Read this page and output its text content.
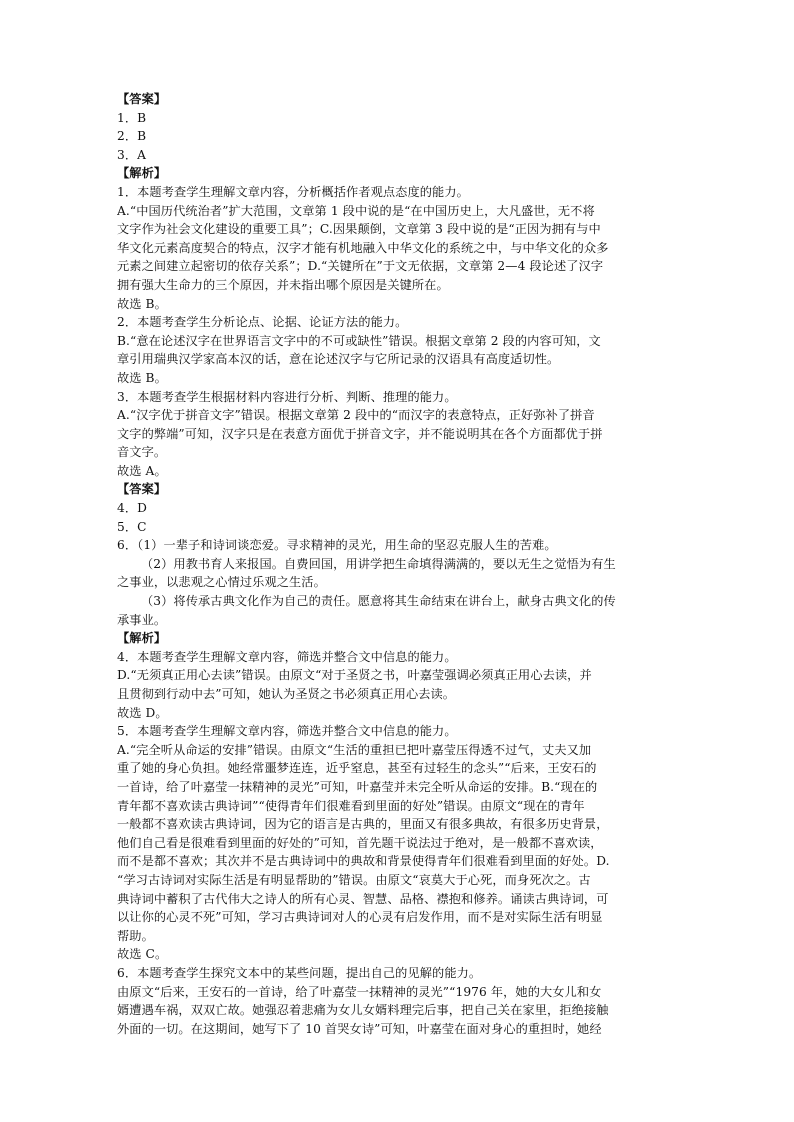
【答案】
1．B
2．B
3．A
【解析】
1．本题考查学生理解文章内容，分析概括作者观点态度的能力。
A.“中国历代统治者”扩大范围，文章第 1 段中说的是“在中国历史上，大凡盛世，无不将
文字作为社会文化建设的重要工具”；C.因果颠倒，文章第 3 段中说的是“正因为拥有与中
华文化元素高度契合的特点，汉字才能有机地融入中华文化的系统之中，与中华文化的众多
元素之间建立起密切的依存关系”；D.“关键所在”于文无依据，文章第 2—4 段论述了汉字
拥有强大生命力的三个原因，并未指出哪个原因是关键所在。
故选 B。
2．本题考查学生分析论点、论据、论证方法的能力。
B.“意在论述汉字在世界语言文字中的不可或缺性”错误。根据文章第 2 段的内容可知，文
章引用瑞典汉学家高本汉的话，意在论述汉字与它所记录的汉语具有高度适切性。
故选 B。
3．本题考查学生根据材料内容进行分析、判断、推理的能力。
A.“汉字优于拼音文字”错误。根据文章第 2 段中的“而汉字的表意特点，正好弥补了拼音
文字的弊端”可知，汉字只是在表意方面优于拼音文字，并不能说明其在各个方面都优于拼
音文字。
故选 A。
【答案】
4．D
5．C
6．（1）一辈子和诗词谈恋爱。寻求精神的灵光，用生命的坚忍克服人生的苦难。
（2）用教书育人来报国。自费回国，用讲学把生命填得满满的，要以无生之觉悟为有生
之事业，以悲观之心情过乐观之生活。
（3）将传承古典文化作为自己的责任。愿意将其生命结束在讲台上，献身古典文化的传
承事业。
【解析】
4．本题考查学生理解文章内容，筛选并整合文中信息的能力。
D.“无须真正用心去读”错误。由原文“对于圣贤之书，叶嘉莹强调必须真正用心去读，并
且贯彻到行动中去”可知，她认为圣贤之书必须真正用心去读。
故选 D。
5．本题考查学生理解文章内容，筛选并整合文中信息的能力。
A.“完全听从命运的安排”错误。由原文“生活的重担已把叶嘉莹压得透不过气，丈夫又加
重了她的身心负担。她经常噩梦连连，近乎窒息，甚至有过轻生的念头”“后来，王安石的
一首诗，给了叶嘉莹一抹精神的灵光”可知，叶嘉莹并未完全听从命运的安排。B.“现在的
青年都不喜欢读古典诗词”“使得青年们很难看到里面的好处”错误。由原文“现在的青年
一般都不喜欢读古典诗词，因为它的语言是古典的，里面又有很多典故，有很多历史背景，
他们自己看是很难看到里面的好处的”可知，首先题干说法过于绝对，是一般都不喜欢读，
而不是都不喜欢；其次并不是古典诗词中的典故和背景使得青年们很难看到里面的好处。D.
“学习古诗词对实际生活是有明显帮助的”错误。由原文“哀莫大于心死，而身死次之。古
典诗词中蓄积了古代伟大之诗人的所有心灵、智慧、品格、襟抱和修养。诵读古典诗词，可
以让你的心灵不死”可知，学习古典诗词对人的心灵有启发作用，而不是对实际生活有明显
帮助。
故选 C。
6．本题考查学生探究文本中的某些问题，提出自己的见解的能力。
由原文“后来，王安石的一首诗，给了叶嘉莹一抹精神的灵光”“1976 年，她的大女儿和女
婿遭遇车祸，双双亡故。她强忍着悲痛为女儿女婿料理完后事，把自己关在家里，拒绝接触
外面的一切。在这期间，她写下了 10 首哭女诗”可知，叶嘉莹在面对身心的重担时，她经
